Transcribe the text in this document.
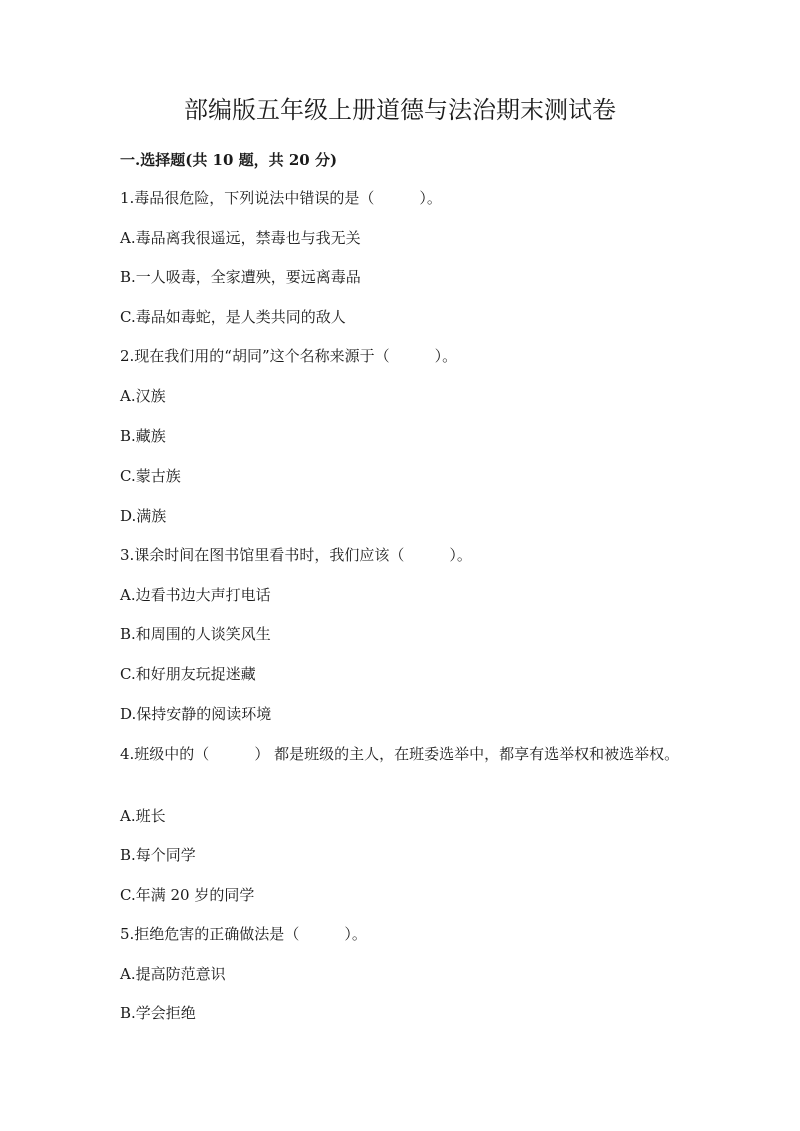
部编版五年级上册道德与法治期末测试卷

一.选择题(共 10 题，共 20 分)

1.毒品很危险，下列说法中错误的是（	）。

A.毒品离我很遥远，禁毒也与我无关

B.一人吸毒，全家遭殃，要远离毒品

C.毒品如毒蛇，是人类共同的敌人

2.现在我们用的“胡同”这个名称来源于（	）。

A.汉族

B.藏族

C.蒙古族

D.满族

3.课余时间在图书馆里看书时，我们应该（	）。

A.边看书边大声打电话

B.和周围的人谈笑风生

C.和好朋友玩捉迷藏

D.保持安静的阅读环境

4.班级中的（	） 都是班级的主人，在班委选举中，都享有选举权和被选举权。

A.班长

B.每个同学

C.年满 20 岁的同学

5.拒绝危害的正确做法是（	）。

A.提高防范意识

B.学会拒绝
